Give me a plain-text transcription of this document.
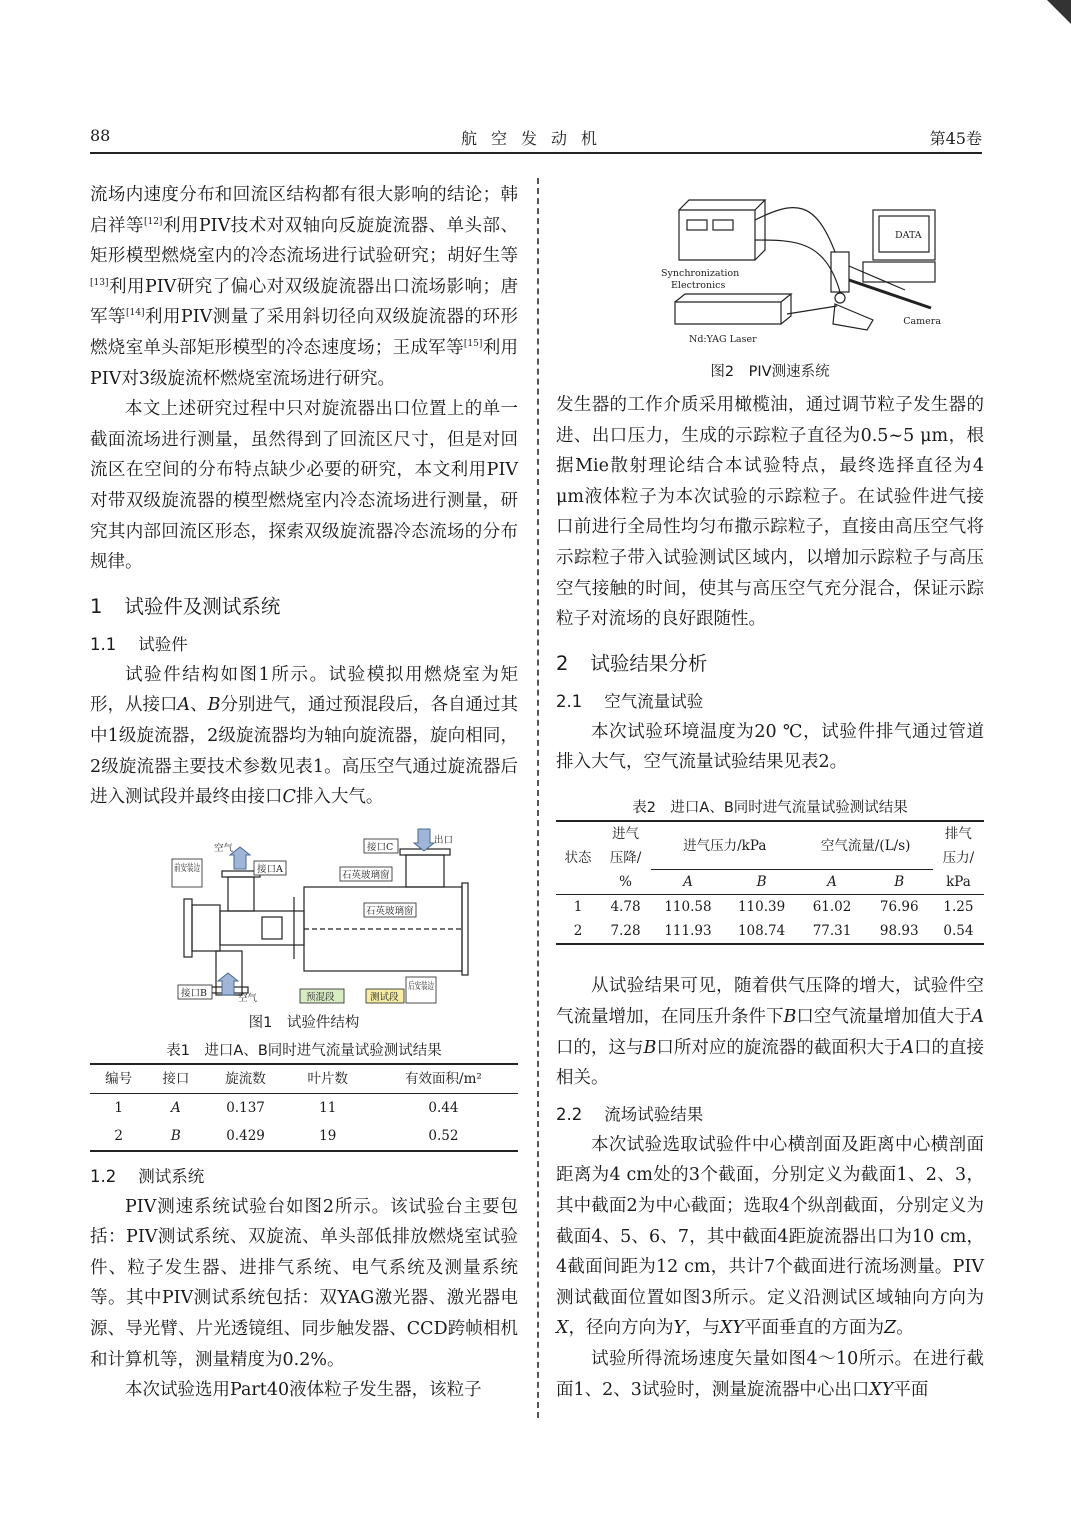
88	航空发动机	第45卷

流场内速度分布和回流区结构都有很大影响的结论；韩启祥等[12]利用PIV技术对双轴向反旋旋流器、单头部、矩形模型燃烧室内的冷态流场进行试验研究；胡好生等[13]利用PIV研究了偏心对双级旋流器出口流场影响；唐军等[14]利用PIV测量了采用斜切径向双级旋流器的环形燃烧室单头部矩形模型的冷态速度场；王成军等[15]利用PIV对3级旋流杯燃烧室流场进行研究。

本文上述研究过程中只对旋流器出口位置上的单一截面流场进行测量，虽然得到了回流区尺寸，但是对回流区在空间的分布特点缺少必要的研究，本文利用PIV对带双级旋流器的模型燃烧室内冷态流场进行测量，研究其内部回流区形态，探索双级旋流器冷态流场的分布规律。

1 试验件及测试系统
1.1 试验件

试验件结构如图1所示。试验模拟用燃烧室为矩形，从接口A、B分别进气，通过预混段后，各自通过其中1级旋流器，2级旋流器均为轴向旋流器，旋向相同，2级旋流器主要技术参数见表1。高压空气通过旋流器后进入测试段并最终由接口C排入大气。

接口C
出口
接口A
空气
石英玻璃窗
石英玻璃窗
前安装边
后安装边
接口B	空气	预混段	测试段
图1　试验件结构
表1　进口A、B同时进气流量试验测试结果
编号	接口	旋流数	叶片数	有效面积/m²
1	A	0.137	11	0.44
2	B	0.429	19	0.52
1.2 测试系统

PIV测速系统试验台如图2所示。该试验台主要包括：PIV测试系统、双旋流、单头部低排放燃烧室试验件、粒子发生器、进排气系统、电气系统及测量系统等。其中PIV测试系统包括：双YAG激光器、激光器电源、导光臂、片光透镜组、同步触发器、CCD跨帧相机和计算机等，测量精度为0.2%。

本次试验选用Part40液体粒子发生器，该粒子

DATA
Synchronization
Electronics
Camera
Nd:YAG Laser
图2　PIV测速系统

发生器的工作介质采用橄榄油，通过调节粒子发生器的进、出口压力，生成的示踪粒子直径为0.5~5 μm，根据Mie散射理论结合本试验特点，最终选择直径为4 μm液体粒子为本次试验的示踪粒子。在试验件进气接口前进行全局性均匀布撒示踪粒子，直接由高压空气将示踪粒子带入试验测试区域内，以增加示踪粒子与高压空气接触的时间，使其与高压空气充分混合，保证示踪粒子对流场的良好跟随性。

2 试验结果分析
2.1 空气流量试验

本次试验环境温度为20 ℃，试验件排气通过管道排入大气，空气流量试验结果见表2。

表2　进口A、B同时进气流量试验测试结果
状态	进气	进气压力/kPa		空气流量/(L/s)		排气
	压降/					压力/
	%	A	B	A	B	kPa
1	4.78	110.58	110.39	61.02	76.96	1.25
2	7.28	111.93	108.74	77.31	98.93	0.54

从试验结果可见，随着供气压降的增大，试验件空气流量增加，在同压升条件下B口空气流量增加值大于A口的，这与B口所对应的旋流器的截面积大于A口的直接相关。

2.2 流场试验结果

本次试验选取试验件中心横剖面及距离中心横剖面距离为4 cm处的3个截面，分别定义为截面1、2、3，其中截面2为中心截面；选取4个纵剖截面，分别定义为截面4、5、6、7，其中截面4距旋流器出口为10 cm，4截面间距为12 cm，共计7个截面进行流场测量。PIV测试截面位置如图3所示。定义沿测试区域轴向方向为X，径向方向为Y，与XY平面垂直的方面为Z。

试验所得流场速度矢量如图4～10所示。在进行截面1、2、3试验时，测量旋流器中心出口XY平面
